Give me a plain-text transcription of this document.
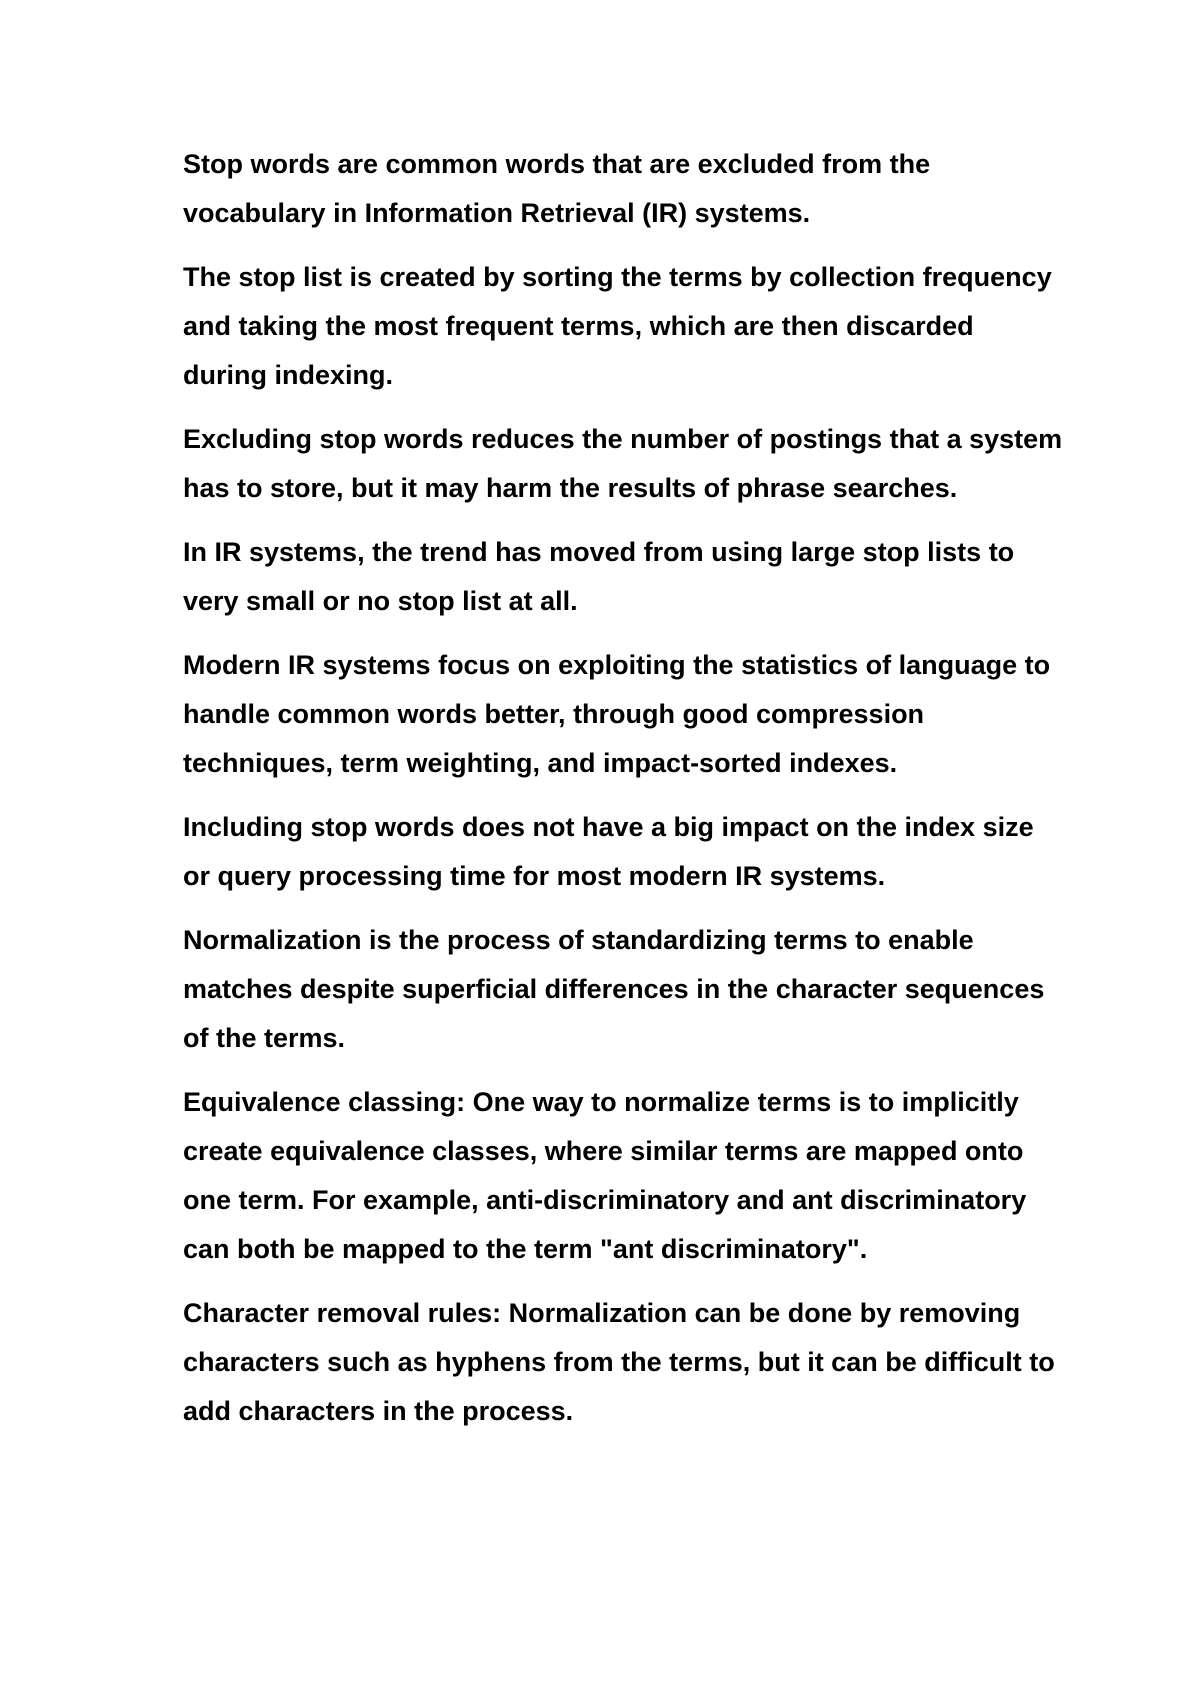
Stop words are common words that are excluded from the vocabulary in Information Retrieval (IR) systems.

The stop list is created by sorting the terms by collection frequency and taking the most frequent terms, which are then discarded during indexing.

Excluding stop words reduces the number of postings that a system has to store, but it may harm the results of phrase searches.

In IR systems, the trend has moved from using large stop lists to very small or no stop list at all.

Modern IR systems focus on exploiting the statistics of language to handle common words better, through good compression techniques, term weighting, and impact-sorted indexes.

Including stop words does not have a big impact on the index size or query processing time for most modern IR systems.

Normalization is the process of standardizing terms to enable matches despite superficial differences in the character sequences of the terms.

Equivalence classing: One way to normalize terms is to implicitly create equivalence classes, where similar terms are mapped onto one term. For example, anti-discriminatory and ant discriminatory can both be mapped to the term "ant discriminatory".

Character removal rules: Normalization can be done by removing characters such as hyphens from the terms, but it can be difficult to add characters in the process.
